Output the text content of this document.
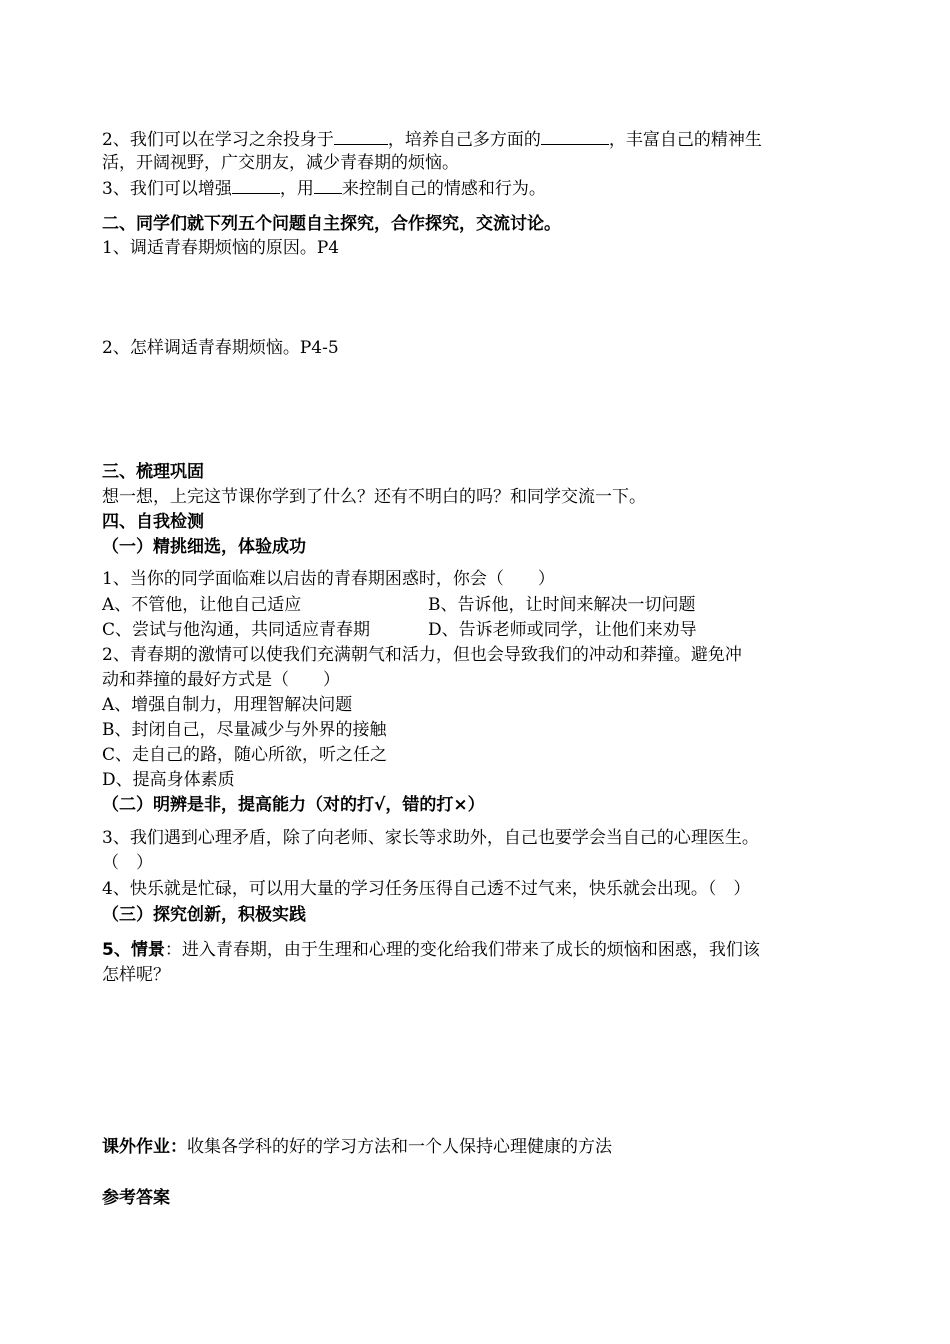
2、我们可以在学习之余投身于	，培养自己多方面的	，丰富自己的精神生
活，开阔视野，广交朋友，减少青春期的烦恼。
3、我们可以增强	，用 来控制自己的情感和行为。
二、同学们就下列五个问题自主探究，合作探究，交流讨论。
1、调适青春期烦恼的原因。P4
2、怎样调适青春期烦恼。P4-5
三、梳理巩固
想一想，上完这节课你学到了什么？还有不明白的吗？和同学交流一下。
四、自我检测
（一）精挑细选，体验成功
1、当你的同学面临难以启齿的青春期困惑时，你会（　　）
A、不管他，让他自己适应	B、告诉他，让时间来解决一切问题
C、尝试与他沟通，共同适应青春期	D、告诉老师或同学，让他们来劝导
2、青春期的激情可以使我们充满朝气和活力，但也会导致我们的冲动和莽撞。避免冲
动和莽撞的最好方式是（　　）
A、增强自制力，用理智解决问题
B、封闭自己，尽量减少与外界的接触
C、走自己的路，随心所欲，听之任之
D、提高身体素质
（二）明辨是非，提高能力（对的打√，错的打×）
3、我们遇到心理矛盾，除了向老师、家长等求助外，自己也要学会当自己的心理医生。
（　）
4、快乐就是忙碌，可以用大量的学习任务压得自己透不过气来，快乐就会出现。（　）
（三）探究创新，积极实践
5、情景：进入青春期，由于生理和心理的变化给我们带来了成长的烦恼和困惑，我们该
怎样呢？
课外作业：收集各学科的好的学习方法和一个人保持心理健康的方法
参考答案
